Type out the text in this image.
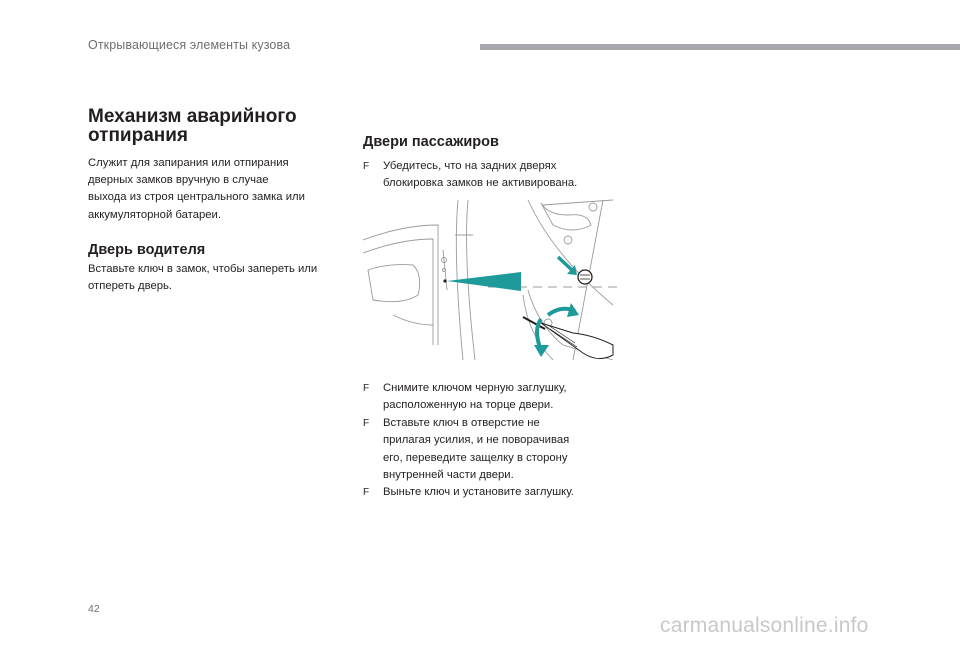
Открывающиеся элементы кузова
Механизм аварийного
отпирания

Служит для запирания или отпирания
дверных замков вручную в случае
выхода из строя центрального замка или
аккумуляторной батареи.

Дверь водителя

Вставьте ключ в замок, чтобы запереть или
отпереть дверь.

Двери пассажиров
F Убедитесь, что на задних дверях
блокировка замков не активирована.
F Снимите ключом черную заглушку,
расположенную на торце двери.
F Вставьте ключ в отверстие не
прилагая усилия, и не поворачивая
его, переведите защелку в сторону
внутренней части двери.
F Выньте ключ и установите заглушку.
42
carmanualsonline.info
